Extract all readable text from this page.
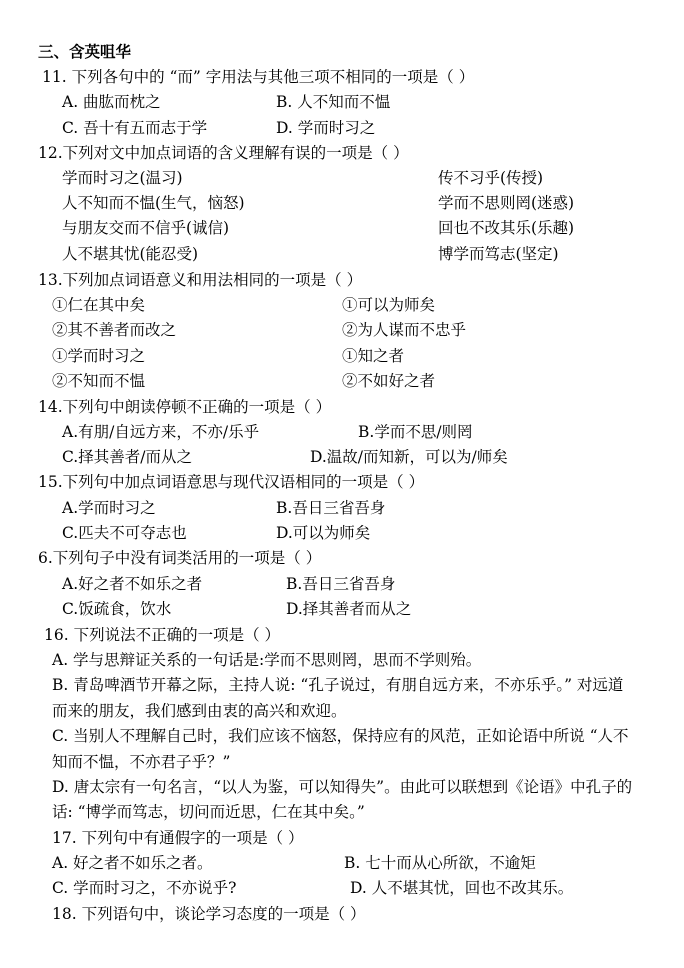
三、含英咀华
11. 下列各句中的 “而” 字用法与其他三项不相同的一项是（ ）
A. 曲肱而枕之	B. 人不知而不愠
C. 吾十有五而志于学	D. 学而时习之
12.下列对文中加点词语的含义理解有误的一项是（ ）
学而时习之(温习)	传不习乎(传授)
人不知而不愠(生气，恼怒)	学而不思则罔(迷惑)
与朋友交而不信乎(诚信)	回也不改其乐(乐趣)
人不堪其忧(能忍受)	博学而笃志(坚定)
13.下列加点词语意义和用法相同的一项是（ ）
①仁在其中矣	①可以为师矣
②其不善者而改之	②为人谋而不忠乎
①学而时习之	①知之者
②不知而不愠	②不如好之者
14.下列句中朗读停顿不正确的一项是（ ）
A.有朋/自远方来，不亦/乐乎	B.学而不思/则罔
C.择其善者/而从之	D.温故/而知新，可以为/师矣
15.下列句中加点词语意思与现代汉语相同的一项是（ ）
A.学而时习之	B.吾日三省吾身
C.匹夫不可夺志也	D.可以为师矣
6.下列句子中没有词类活用的一项是（ ）
A.好之者不如乐之者	B.吾日三省吾身
C.饭疏食，饮水	D.择其善者而从之
16. 下列说法不正确的一项是（ ）
A. 学与思辩证关系的一句话是:学而不思则罔，思而不学则殆。
B. 青岛啤酒节开幕之际，主持人说: “孔子说过，有朋自远方来，不亦乐乎。” 对远道
而来的朋友，我们感到由衷的高兴和欢迎。
C. 当别人不理解自己时，我们应该不恼怒，保持应有的风范，正如论语中所说 “人不
知而不愠，不亦君子乎？”
D. 唐太宗有一句名言，“以人为鉴，可以知得失”。由此可以联想到《论语》中孔子的
话: “博学而笃志，切问而近思，仁在其中矣。”
17. 下列句中有通假字的一项是（ ）
A. 好之者不如乐之者。	B. 七十而从心所欲，不逾矩
C. 学而时习之，不亦说乎?	D. 人不堪其忧，回也不改其乐。
18. 下列语句中，谈论学习态度的一项是（ ）
